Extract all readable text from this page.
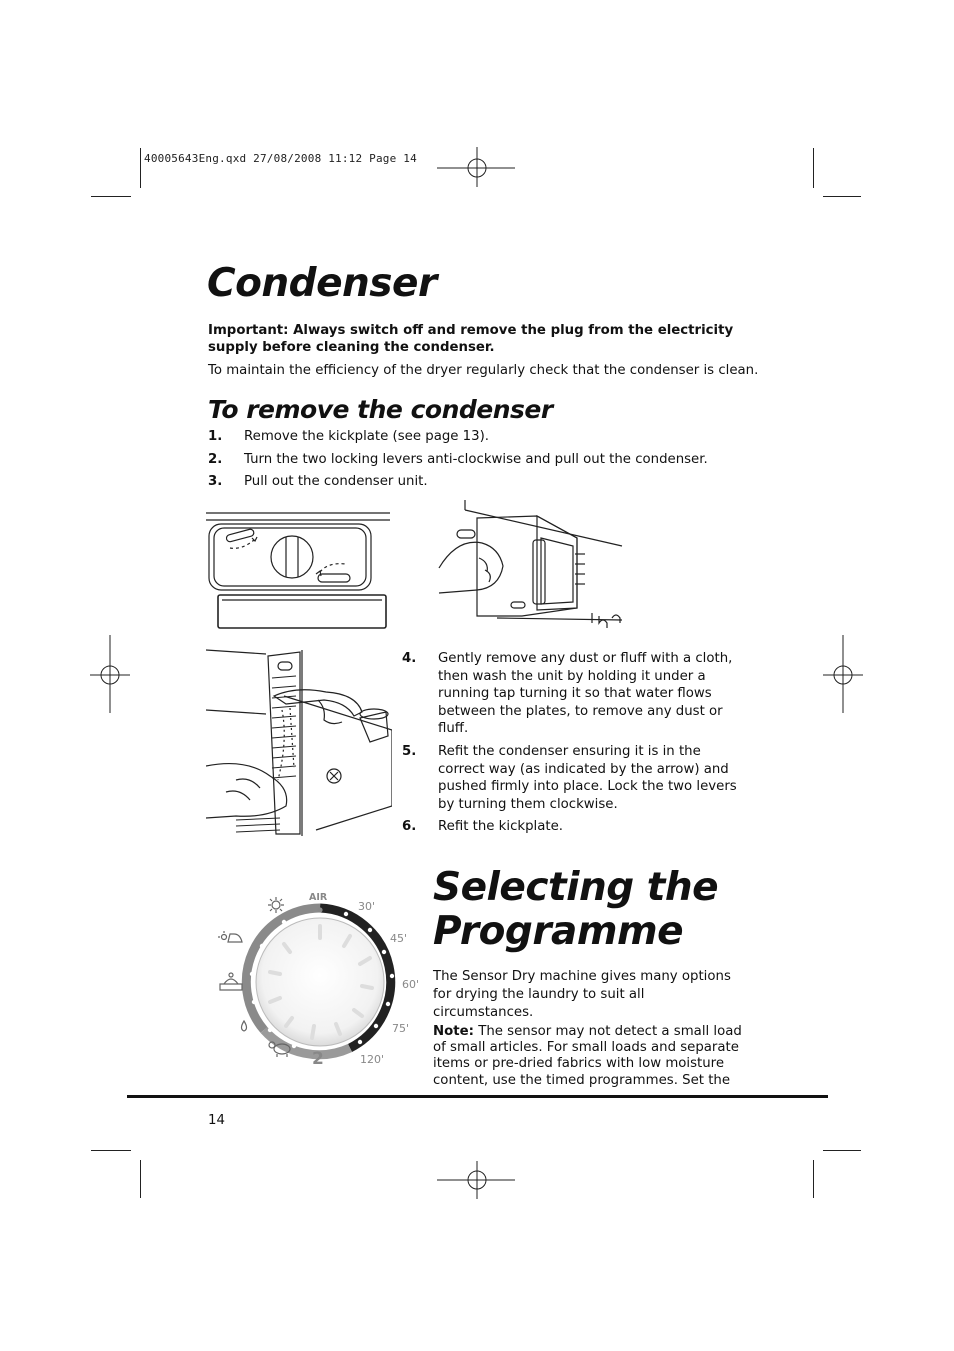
40005643Eng.qxd 27/08/2008 11:12 Page 14
Condenser

Important: Always switch off and remove the plug from the electricity supply before cleaning the condenser.

To maintain the efficiency of the dryer regularly check that the condenser is clean.

To remove the condenser
1. Remove the kickplate (see page 13).
2. Turn the two locking levers anti-clockwise and pull out the condenser.
3. Pull out the condenser unit.
4. Gently remove any dust or fluff with a cloth, then wash the unit by holding it under a running tap turning it so that water flows between the plates, to remove any dust or fluff.
5. Refit the condenser ensuring it is in the correct way (as indicated by the arrow) and pushed firmly into place. Lock the two levers by turning them clockwise.
6. Refit the kickplate.
2
AIR
30'
45'
60'
75'
120'
Selecting the
Programme

The Sensor Dry machine gives many options for drying the laundry to suit all circumstances.

Note: The sensor may not detect a small load of small articles. For small loads and separate items or pre-dried fabrics with low moisture content, use the timed programmes. Set the

14
